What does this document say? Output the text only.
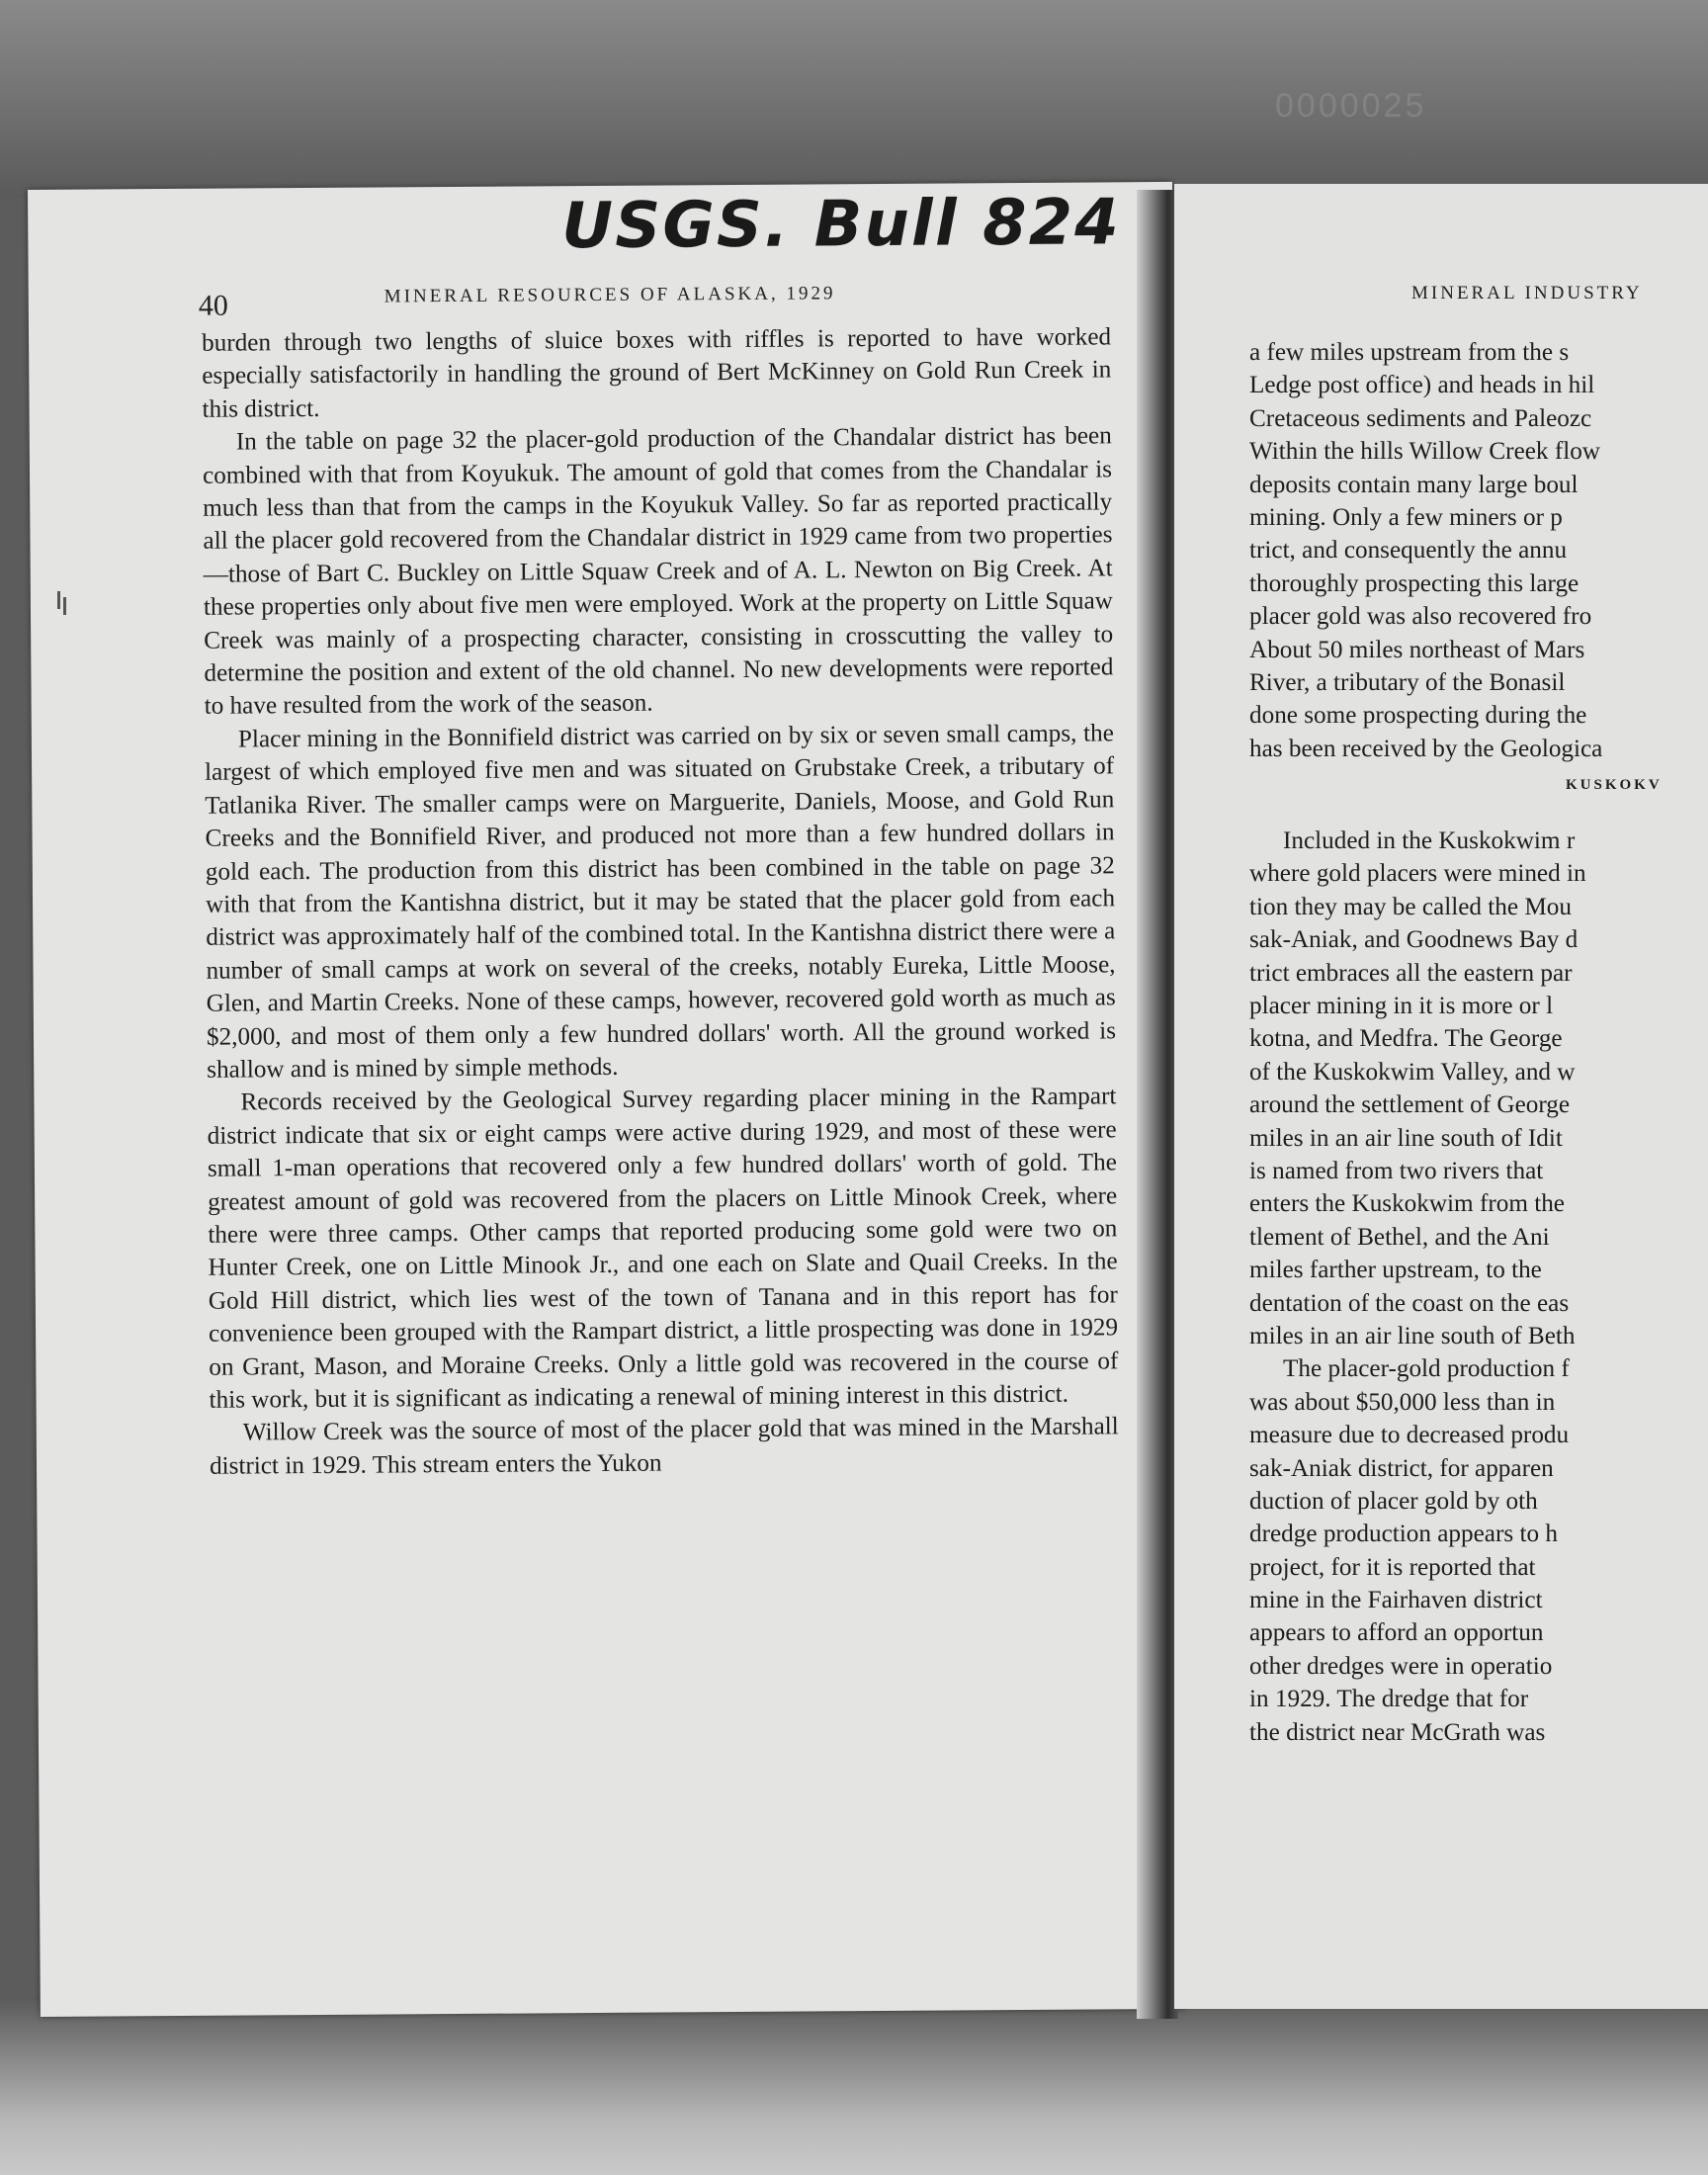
0000025
USGS. Bull 824
40	MINERAL RESOURCES OF ALASKA, 1929

burden through two lengths of sluice boxes with riffles is reported to have worked especially satisfactorily in handling the ground of Bert McKinney on Gold Run Creek in this district.

In the table on page 32 the placer-gold production of the Chandalar district has been combined with that from Koyukuk. The amount of gold that comes from the Chandalar is much less than that from the camps in the Koyukuk Valley. So far as reported practically all the placer gold recovered from the Chandalar district in 1929 came from two properties—those of Bart C. Buckley on Little Squaw Creek and of A. L. Newton on Big Creek. At these properties only about five men were employed. Work at the property on Little Squaw Creek was mainly of a prospecting character, consisting in crosscutting the valley to determine the position and extent of the old channel. No new developments were reported to have resulted from the work of the season.

Placer mining in the Bonnifield district was carried on by six or seven small camps, the largest of which employed five men and was situated on Grubstake Creek, a tributary of Tatlanika River. The smaller camps were on Marguerite, Daniels, Moose, and Gold Run Creeks and the Bonnifield River, and produced not more than a few hundred dollars in gold each. The production from this district has been combined in the table on page 32 with that from the Kantishna district, but it may be stated that the placer gold from each district was approximately half of the combined total. In the Kantishna district there were a number of small camps at work on several of the creeks, notably Eureka, Little Moose, Glen, and Martin Creeks. None of these camps, however, recovered gold worth as much as $2,000, and most of them only a few hundred dollars' worth. All the ground worked is shallow and is mined by simple methods.

Records received by the Geological Survey regarding placer mining in the Rampart district indicate that six or eight camps were active during 1929, and most of these were small 1-man operations that recovered only a few hundred dollars' worth of gold. The greatest amount of gold was recovered from the placers on Little Minook Creek, where there were three camps. Other camps that reported producing some gold were two on Hunter Creek, one on Little Minook Jr., and one each on Slate and Quail Creeks. In the Gold Hill district, which lies west of the town of Tanana and in this report has for convenience been grouped with the Rampart district, a little prospecting was done in 1929 on Grant, Mason, and Moraine Creeks. Only a little gold was recovered in the course of this work, but it is significant as indicating a renewal of mining interest in this district.

Willow Creek was the source of most of the placer gold that was mined in the Marshall district in 1929. This stream enters the Yukon

MINERAL INDUSTRY
a few miles upstream from the s
Ledge post office) and heads in hil
Cretaceous sediments and Paleozc
Within the hills Willow Creek flow
deposits contain many large boul
mining. Only a few miners or p
trict, and consequently the annu
thoroughly prospecting this large
placer gold was also recovered fro
About 50 miles northeast of Mars
River, a tributary of the Bonasil
done some prospecting during the
has been received by the Geologica
KUSKOKV
Included in the Kuskokwim r
where gold placers were mined in
tion they may be called the Mou
sak-Aniak, and Goodnews Bay d
trict embraces all the eastern par
placer mining in it is more or l
kotna, and Medfra. The George
of the Kuskokwim Valley, and w
around the settlement of George
miles in an air line south of Idit
is named from two rivers that
enters the Kuskokwim from the
tlement of Bethel, and the Ani
miles farther upstream, to the
dentation of the coast on the eas
miles in an air line south of Beth
The placer-gold production f
was about $50,000 less than in
measure due to decreased produ
sak-Aniak district, for apparen
duction of placer gold by oth
dredge production appears to h
project, for it is reported that
mine in the Fairhaven district
appears to afford an opportun
other dredges were in operatio
in 1929. The dredge that for
the district near McGrath was
